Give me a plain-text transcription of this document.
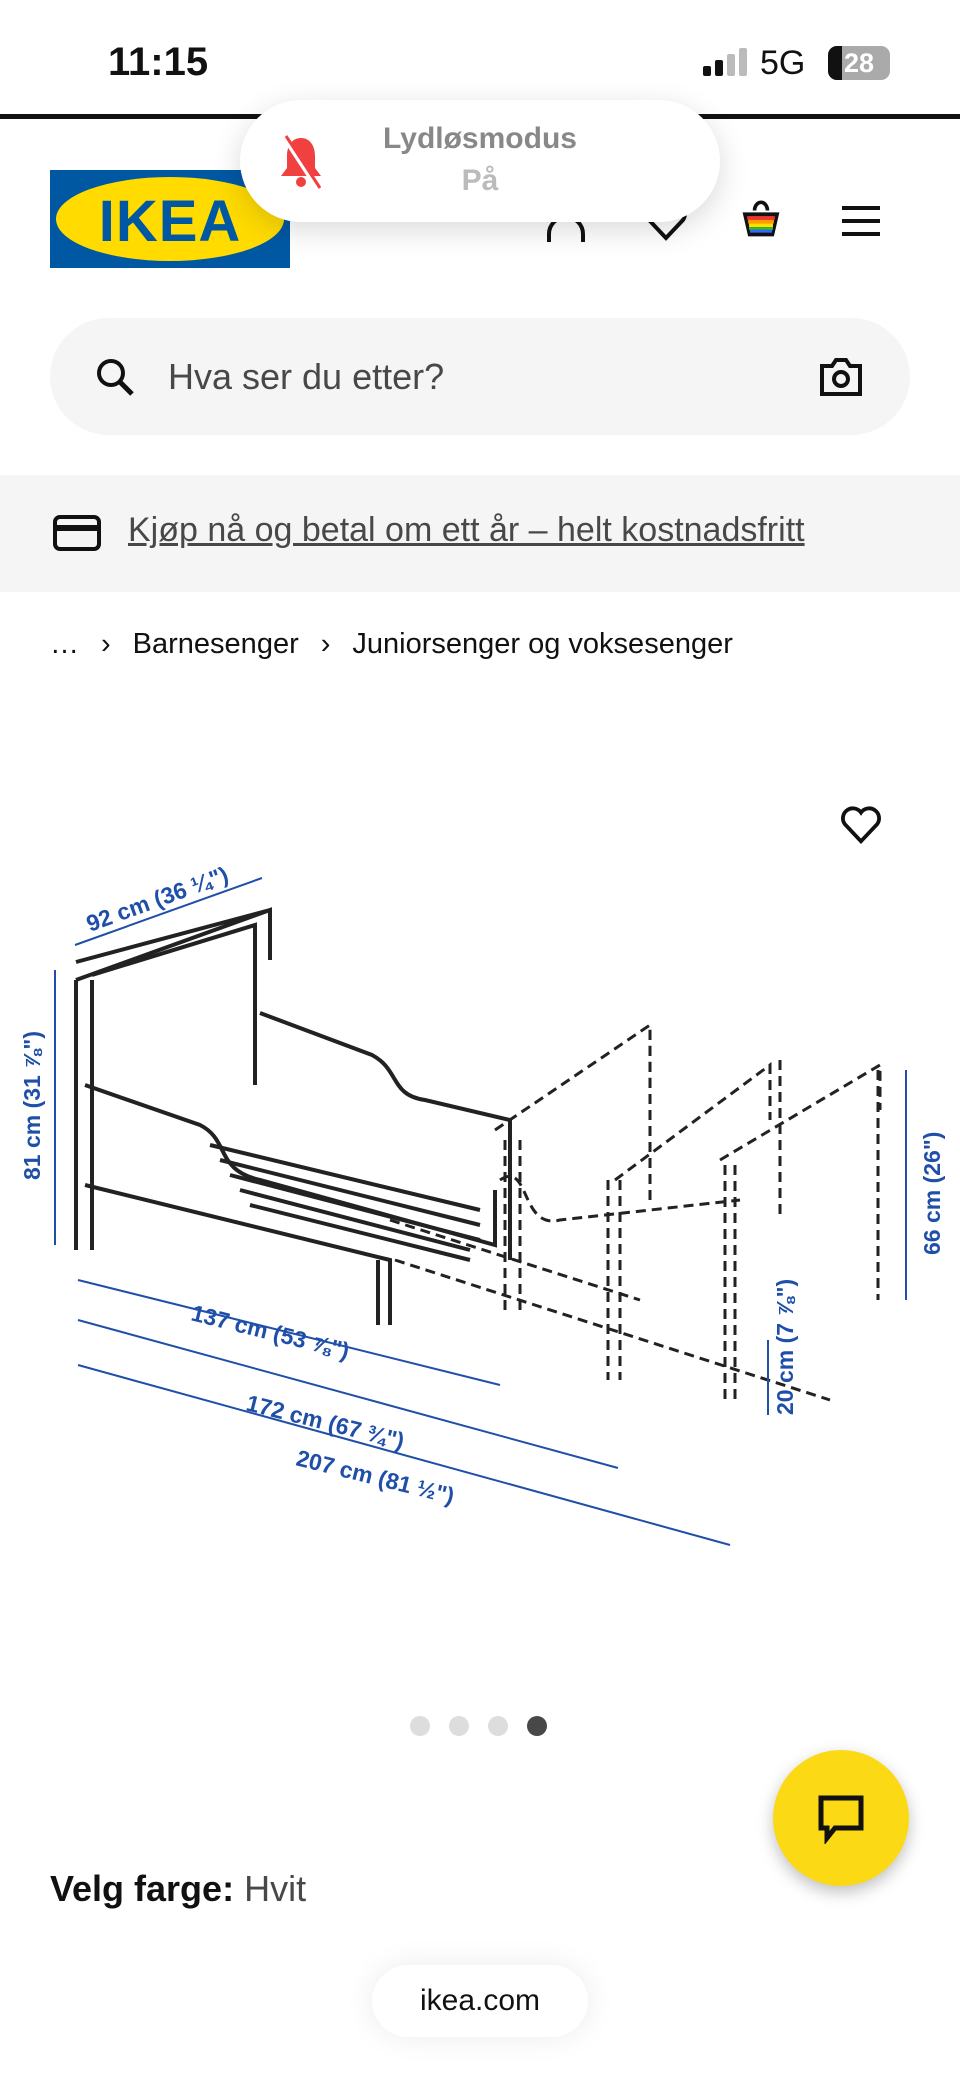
11:15	5G	28
Lydløsmodus
På
IKEA
Hva ser du etter?
Kjøp nå og betal om ett år – helt kostnadsfritt
… › Barnesenger › Juniorsenger og voksesenger
92 cm (36 ¼")
81 cm (31 ⅞")
137 cm (53 ⅞")
172 cm (67 ¾")
207 cm (81 ½")
66 cm (26")
20 cm (7 ⅞")
Velg farge: Hvit
ikea.com
